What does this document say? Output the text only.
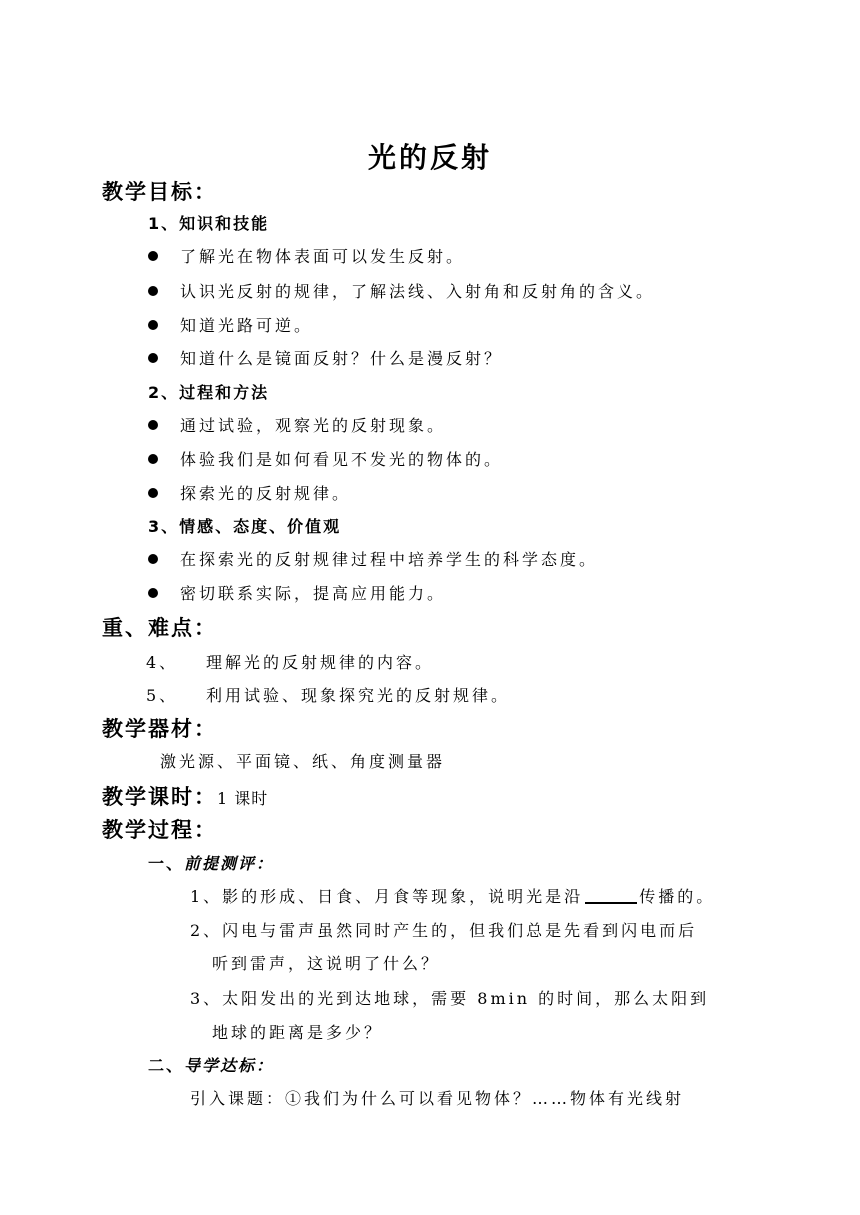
光的反射
教学目标：
1、知识和技能
了解光在物体表面可以发生反射。
认识光反射的规律，了解法线、入射角和反射角的含义。
知道光路可逆。
知道什么是镜面反射？什么是漫反射？
2、过程和方法
通过试验，观察光的反射现象。
体验我们是如何看见不发光的物体的。
探索光的反射规律。
3、情感、态度、价值观
在探索光的反射规律过程中培养学生的科学态度。
密切联系实际，提高应用能力。
重、难点：
4、 理解光的反射规律的内容。
5、 利用试验、现象探究光的反射规律。
教学器材：
激光源、平面镜、纸、角度测量器
教学课时：1 课时
教学过程：
一、前提测评：
1、影的形成、日食、月食等现象，说明光是沿	传播的。
2、闪电与雷声虽然同时产生的，但我们总是先看到闪电而后
听到雷声，这说明了什么？
3、太阳发出的光到达地球，需要 8min 的时间，那么太阳到
地球的距离是多少？
二、导学达标：
引入课题：①我们为什么可以看见物体？……物体有光线射
